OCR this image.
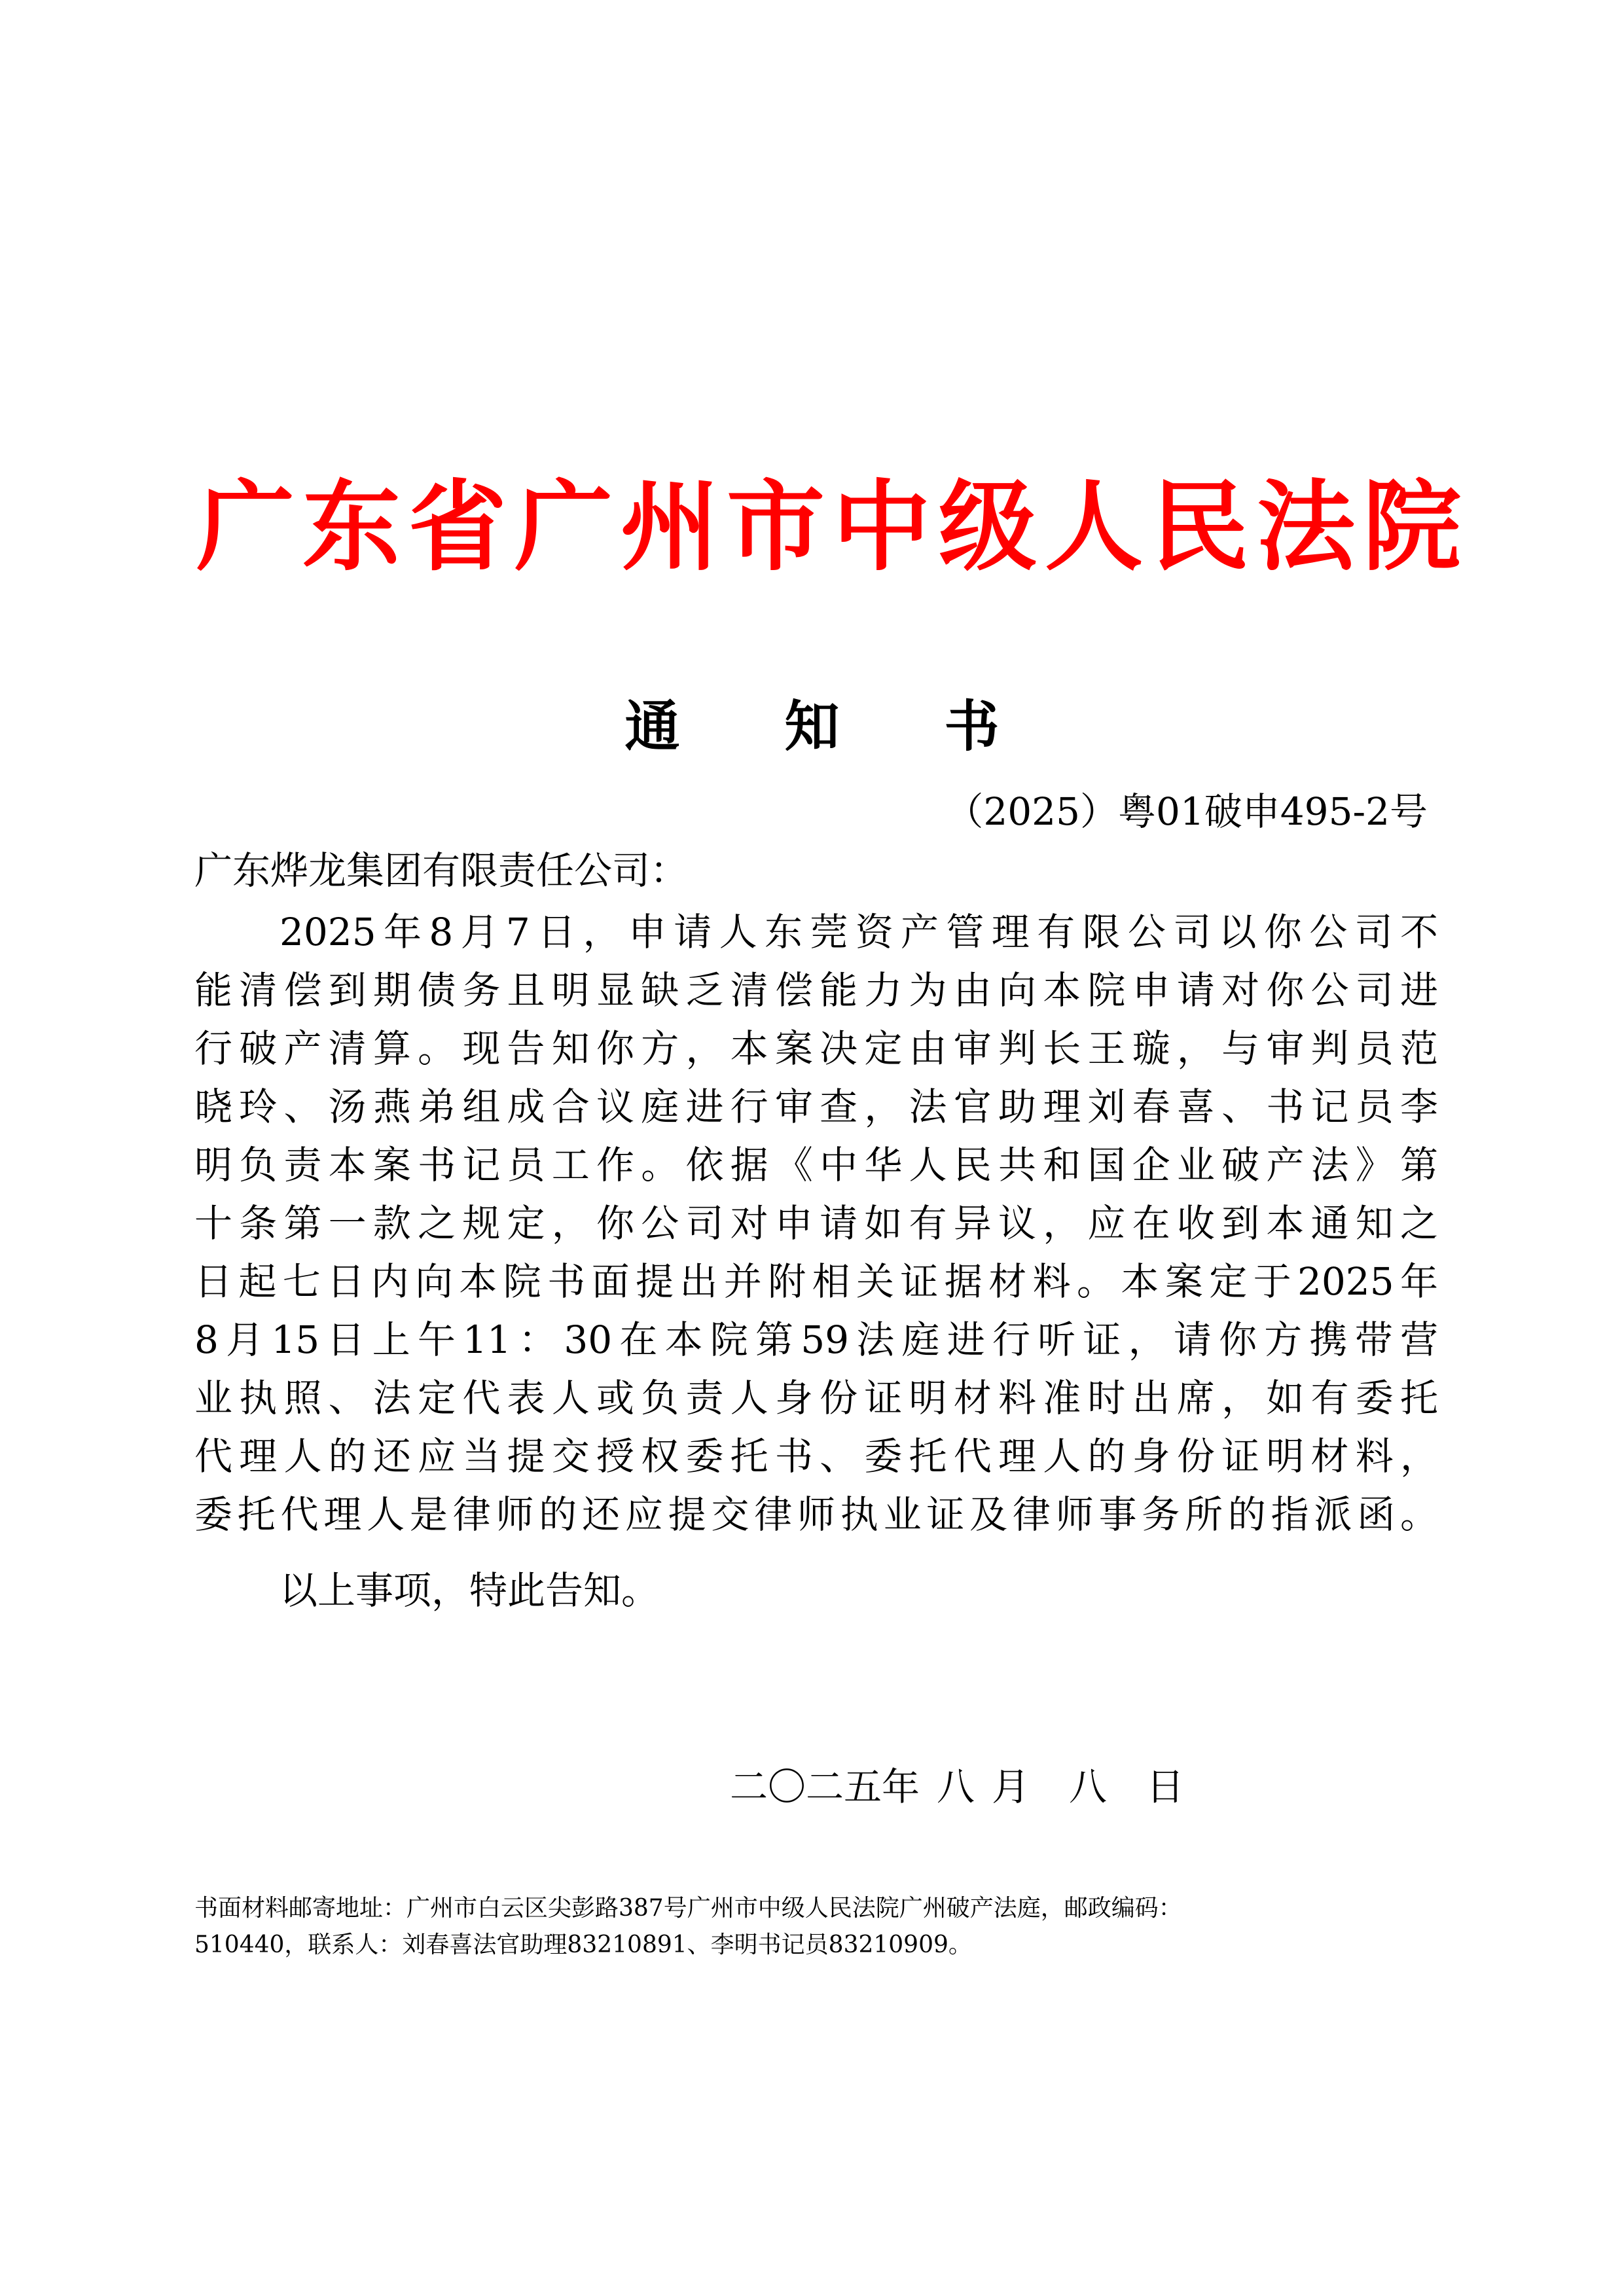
广东省广州市中级人民法院
通 知 书
（2025）粤01破申495-2号
广东烨龙集团有限责任公司：
2025年8月7日，申请人东莞资产管理有限公司以你公司不
能清偿到期债务且明显缺乏清偿能力为由向本院申请对你公司进
行破产清算。现告知你方，本案决定由审判长王璇，与审判员范
晓玲、汤燕弟组成合议庭进行审查，法官助理刘春喜、书记员李
明负责本案书记员工作。依据《中华人民共和国企业破产法》第
十条第一款之规定，你公司对申请如有异议，应在收到本通知之
日起七日内向本院书面提出并附相关证据材料。本案定于2025年
8月15日上午11：30在本院第59法庭进行听证，请你方携带营
业执照、法定代表人或负责人身份证明材料准时出席，如有委托
代理人的还应当提交授权委托书、委托代理人的身份证明材料，
委托代理人是律师的还应提交律师执业证及律师事务所的指派函。
以上事项，特此告知。
二〇二五年 八 月 八 日
书面材料邮寄地址：广州市白云区尖彭路387号广州市中级人民法院广州破产法庭，邮政编码：
510440，联系人：刘春喜法官助理83210891、李明书记员83210909。
